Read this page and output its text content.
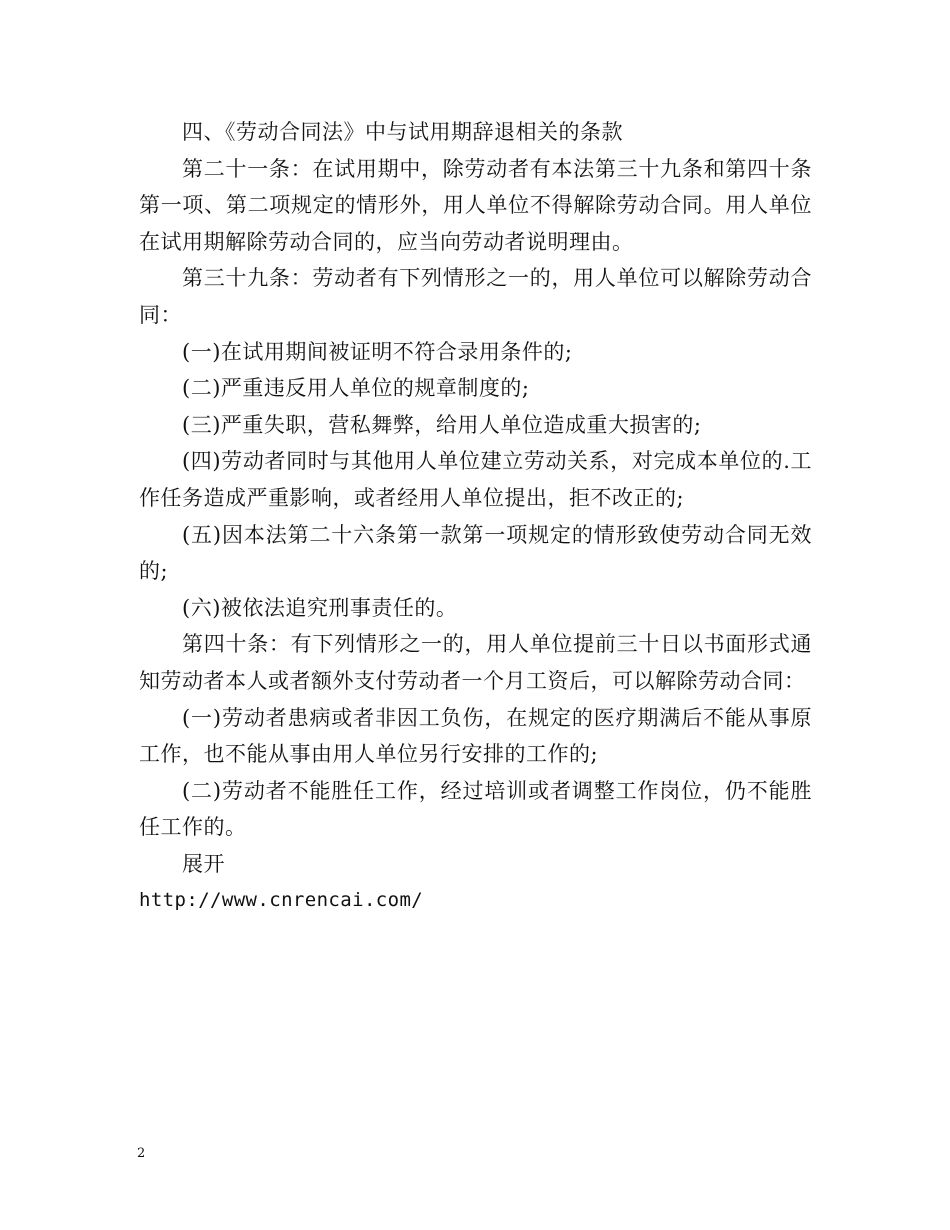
四、《劳动合同法》中与试用期辞退相关的条款

第二十一条：在试用期中，除劳动者有本法第三十九条和第四十条第一项、第二项规定的情形外，用人单位不得解除劳动合同。用人单位在试用期解除劳动合同的，应当向劳动者说明理由。

第三十九条：劳动者有下列情形之一的，用人单位可以解除劳动合同：

(一)在试用期间被证明不符合录用条件的;

(二)严重违反用人单位的规章制度的;

(三)严重失职，营私舞弊，给用人单位造成重大损害的;

(四)劳动者同时与其他用人单位建立劳动关系，对完成本单位的.工作任务造成严重影响，或者经用人单位提出，拒不改正的;

(五)因本法第二十六条第一款第一项规定的情形致使劳动合同无效的;

(六)被依法追究刑事责任的。

第四十条：有下列情形之一的，用人单位提前三十日以书面形式通知劳动者本人或者额外支付劳动者一个月工资后，可以解除劳动合同：

(一)劳动者患病或者非因工负伤，在规定的医疗期满后不能从事原工作，也不能从事由用人单位另行安排的工作的;

(二)劳动者不能胜任工作，经过培训或者调整工作岗位，仍不能胜任工作的。

展开

http://www.cnrencai.com/

2
